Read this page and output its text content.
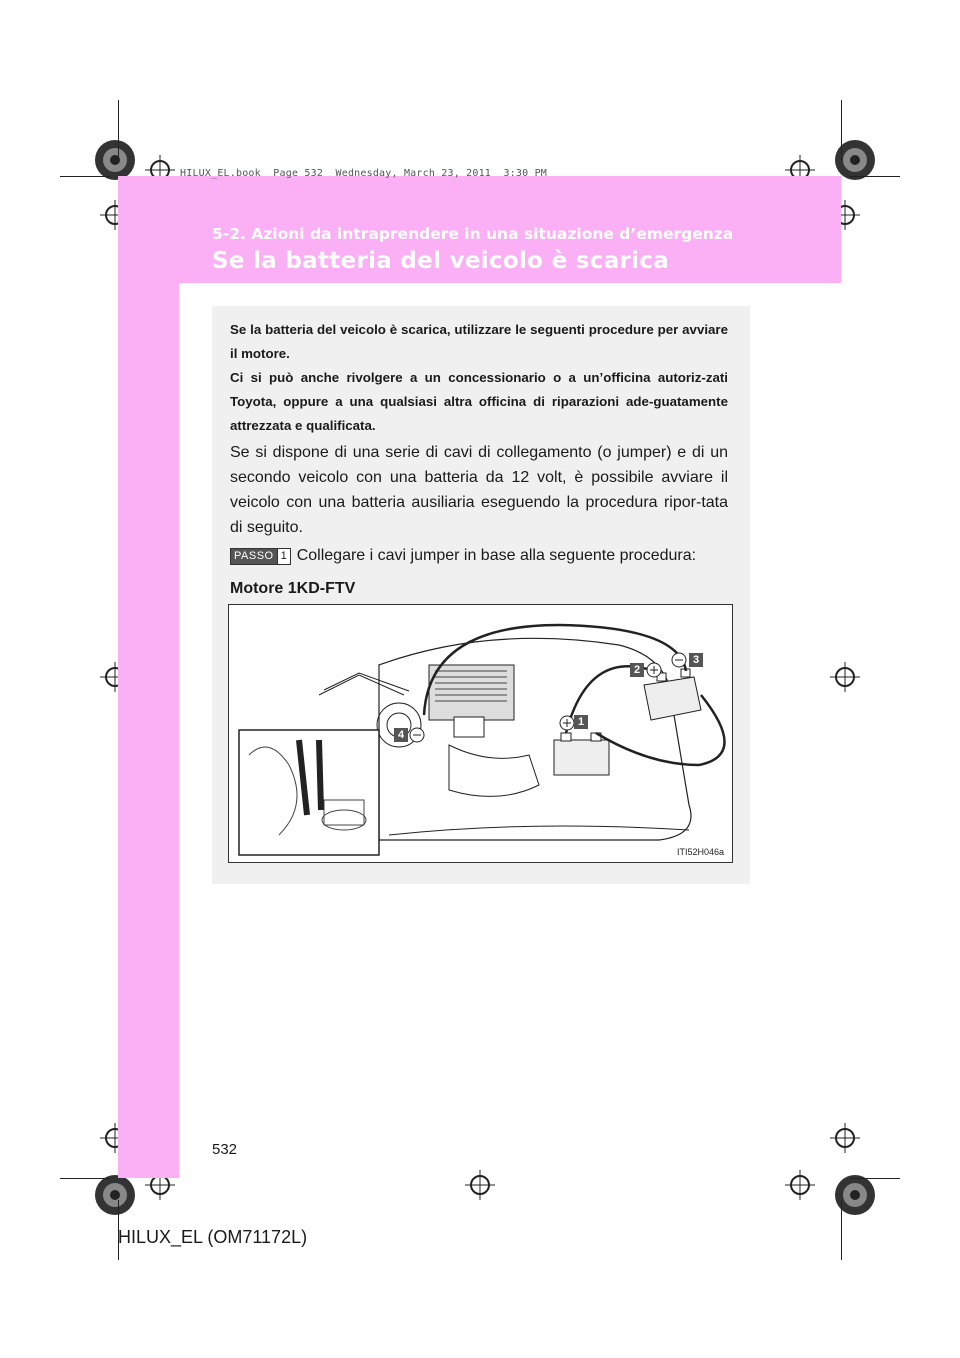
HILUX_EL.book  Page 532  Wednesday, March 23, 2011  3:30 PM
5-2. Azioni da intraprendere in una situazione d’emergenza
Se la batteria del veicolo è scarica

Se la batteria del veicolo è scarica, utilizzare le seguenti procedure per avviare il motore.

Ci si può anche rivolgere a un concessionario o a un’officina autoriz-zati Toyota, oppure a una qualsiasi altra officina di riparazioni ade-guatamente attrezzata e qualificata.

Se si dispone di una serie di cavi di collegamento (o jumper) e di un secondo veicolo con una batteria da 12 volt, è possibile avviare il veicolo con una batteria ausiliaria eseguendo la procedura ripor-tata di seguito.
PASSO 1 Collegare i cavi jumper in base alla seguente procedura:
Motore 1KD-FTV
1
2
3
4
ITI52H046a
532
HILUX_EL (OM71172L)
